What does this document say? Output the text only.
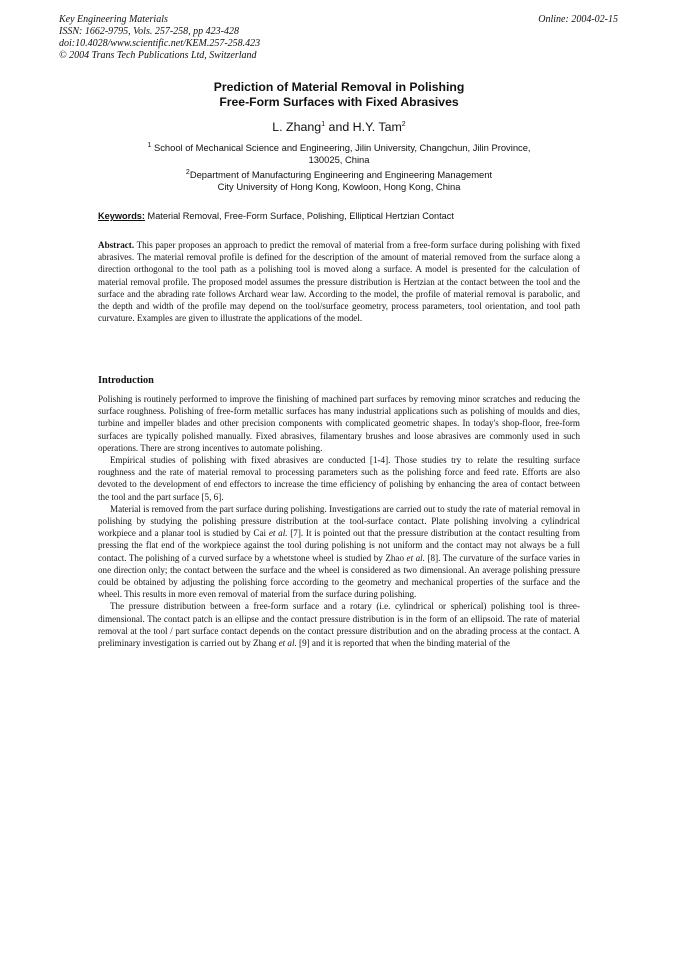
Key Engineering Materials
ISSN: 1662-9795, Vols. 257-258, pp 423-428
doi:10.4028/www.scientific.net/KEM.257-258.423
© 2004 Trans Tech Publications Ltd, Switzerland
Online: 2004-02-15
Prediction of Material Removal in Polishing
Free-Form Surfaces with Fixed Abrasives
L. Zhang$^1$ and H.Y. Tam$^2$
$^1$ School of Mechanical Science and Engineering, Jilin University, Changchun, Jilin Province,
130025, China
$^2$Department of Manufacturing Engineering and Engineering Management
City University of Hong Kong, Kowloon, Hong Kong, China
Keywords: Material Removal, Free-Form Surface, Polishing, Elliptical Hertzian Contact

Abstract. This paper proposes an approach to predict the removal of material from a free-form surface during polishing with fixed abrasives. The material removal profile is defined for the description of the amount of material removed from the surface along a direction orthogonal to the tool path as a polishing tool is moved along a surface. A model is presented for the calculation of material removal profile. The proposed model assumes the pressure distribution is Hertzian at the contact between the tool and the surface and the abrading rate follows Archard wear law. According to the model, the profile of material removal is parabolic, and the depth and width of the profile may depend on the tool/surface geometry, process parameters, tool orientation, and tool path curvature. Examples are given to illustrate the applications of the model.

Introduction

Polishing is routinely performed to improve the finishing of machined part surfaces by removing minor scratches and reducing the surface roughness. Polishing of free-form metallic surfaces has many industrial applications such as polishing of moulds and dies, turbine and impeller blades and other precision components with complicated geometric shapes. In today's shop-floor, free-form surfaces are typically polished manually. Fixed abrasives, filamentary brushes and loose abrasives are commonly used in such operations. There are strong incentives to automate polishing.

Empirical studies of polishing with fixed abrasives are conducted [1-4]. Those studies try to relate the resulting surface roughness and the rate of material removal to processing parameters such as the polishing force and feed rate. Efforts are also devoted to the development of end effectors to increase the time efficiency of polishing by enhancing the area of contact between the tool and the part surface [5, 6].

Material is removed from the part surface during polishing. Investigations are carried out to study the rate of material removal in polishing by studying the polishing pressure distribution at the tool-surface contact. Plate polishing involving a cylindrical workpiece and a planar tool is studied by Cai et al. [7]. It is pointed out that the pressure distribution at the contact resulting from pressing the flat end of the workpiece against the tool during polishing is not uniform and the contact may not always be a full contact. The polishing of a curved surface by a whetstone wheel is studied by Zhao et al. [8]. The curvature of the surface varies in one direction only; the contact between the surface and the wheel is considered as two dimensional. An average polishing pressure could be obtained by adjusting the polishing force according to the geometry and mechanical properties of the surface and the wheel. This results in more even removal of material from the surface during polishing.

The pressure distribution between a free-form surface and a rotary (i.e. cylindrical or spherical) polishing tool is three-dimensional. The contact patch is an ellipse and the contact pressure distribution is in the form of an ellipsoid. The rate of material removal at the tool / part surface contact depends on the contact pressure distribution and on the abrading process at the contact. A preliminary investigation is carried out by Zhang et al. [9] and it is reported that when the binding material of the
